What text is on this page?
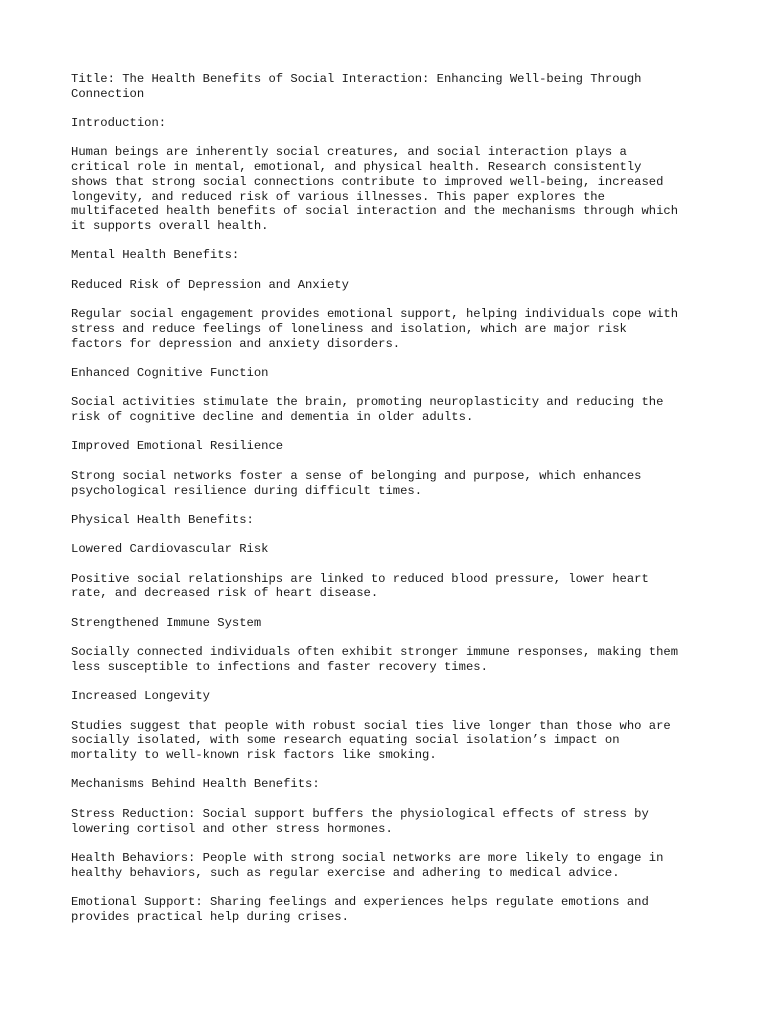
Title: The Health Benefits of Social Interaction: Enhancing Well-being Through
Connection

Introduction:

Human beings are inherently social creatures, and social interaction plays a
critical role in mental, emotional, and physical health. Research consistently
shows that strong social connections contribute to improved well-being, increased
longevity, and reduced risk of various illnesses. This paper explores the
multifaceted health benefits of social interaction and the mechanisms through which
it supports overall health.

Mental Health Benefits:

Reduced Risk of Depression and Anxiety

Regular social engagement provides emotional support, helping individuals cope with
stress and reduce feelings of loneliness and isolation, which are major risk
factors for depression and anxiety disorders.

Enhanced Cognitive Function

Social activities stimulate the brain, promoting neuroplasticity and reducing the
risk of cognitive decline and dementia in older adults.

Improved Emotional Resilience

Strong social networks foster a sense of belonging and purpose, which enhances
psychological resilience during difficult times.

Physical Health Benefits:

Lowered Cardiovascular Risk

Positive social relationships are linked to reduced blood pressure, lower heart
rate, and decreased risk of heart disease.

Strengthened Immune System

Socially connected individuals often exhibit stronger immune responses, making them
less susceptible to infections and faster recovery times.

Increased Longevity

Studies suggest that people with robust social ties live longer than those who are
socially isolated, with some research equating social isolation’s impact on
mortality to well-known risk factors like smoking.

Mechanisms Behind Health Benefits:

Stress Reduction: Social support buffers the physiological effects of stress by
lowering cortisol and other stress hormones.

Health Behaviors: People with strong social networks are more likely to engage in
healthy behaviors, such as regular exercise and adhering to medical advice.

Emotional Support: Sharing feelings and experiences helps regulate emotions and
provides practical help during crises.
